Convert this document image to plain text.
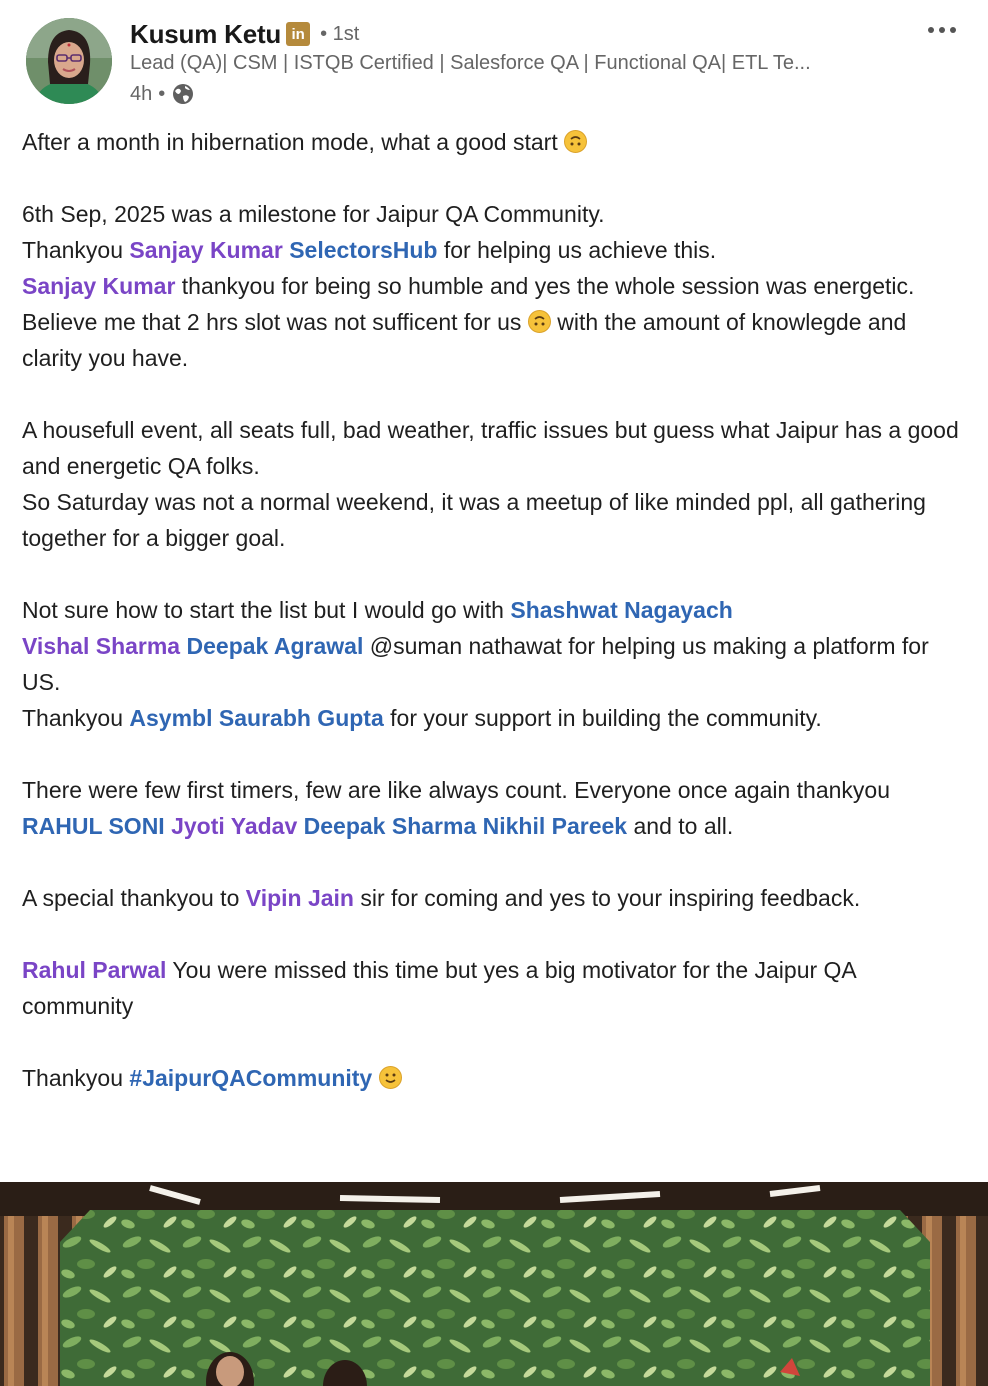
Kusum Ketu in • 1st
Lead (QA)| CSM | ISTQB Certified | Salesforce QA | Functional QA| ETL Te...
4h •

After a month in hibernation mode, what a good start

6th Sep, 2025 was a milestone for Jaipur QA Community.
Thankyou Sanjay Kumar SelectorsHub for helping us achieve this.
Sanjay Kumar thankyou for being so humble and yes the whole session was energetic. Believe me that 2 hrs slot was not sufficent for us with the amount of knowlegde and clarity you have.

A housefull event, all seats full, bad weather, traffic issues but guess what Jaipur has a good and energetic QA folks.
So Saturday was not a normal weekend, it was a meetup of like minded ppl, all gathering together for a bigger goal.

Not sure how to start the list but I would go with Shashwat Nagayach
Vishal Sharma Deepak Agrawal @suman nathawat for helping us making a platform for US.
Thankyou Asymbl Saurabh Gupta for your support in building the community.

There were few first timers, few are like always count. Everyone once again thankyou
RAHUL SONI Jyoti Yadav Deepak Sharma Nikhil Pareek and to all.

A special thankyou to Vipin Jain sir for coming and yes to your inspiring feedback.

Rahul Parwal You were missed this time but yes a big motivator for the Jaipur QA community

Thankyou #JaipurQACommunity
